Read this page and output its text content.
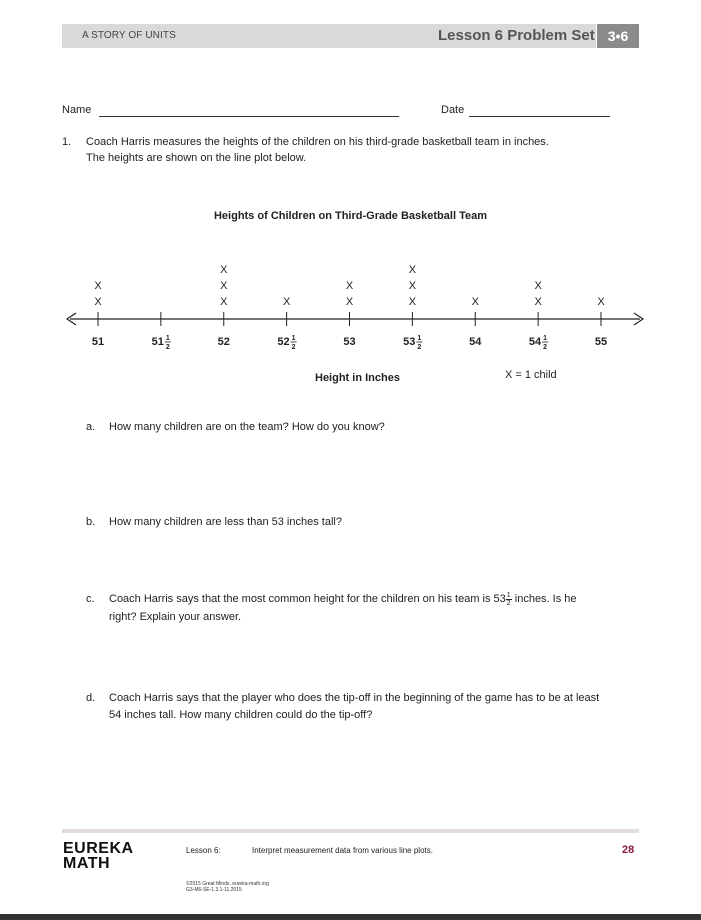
A STORY OF UNITS	Lesson 6 Problem Set 3•6
Name	Date
1. Coach Harris measures the heights of the children on his third-grade basketball team in inches.
The heights are shown on the line plot below.
Heights of Children on Third-Grade Basketball Team
X
X
X
X
X
X	X
X
X
X
X
X	X
X
X
51	51 1
2	52	52 1
2	53	53 1
2	54	54 1
2	55
Height in Inches	X = 1 child
a. How many children are on the team? How do you know?
b. How many children are less than 53 inches tall?
c. Coach Harris says that the most common height for the children on his team is $53 \frac{1}{2}$ inches. Is he
right? Explain your answer.
d. Coach Harris says that the player who does the tip-off in the beginning of the game has to be at least
54 inches tall. How many children could do the tip-off?
EUREKA
MATH
Lesson 6:	Interpret measurement data from various line plots.	28
©2015 Great Minds. eureka-math.org
G3-M6-SE-1.3.1-11.2015
